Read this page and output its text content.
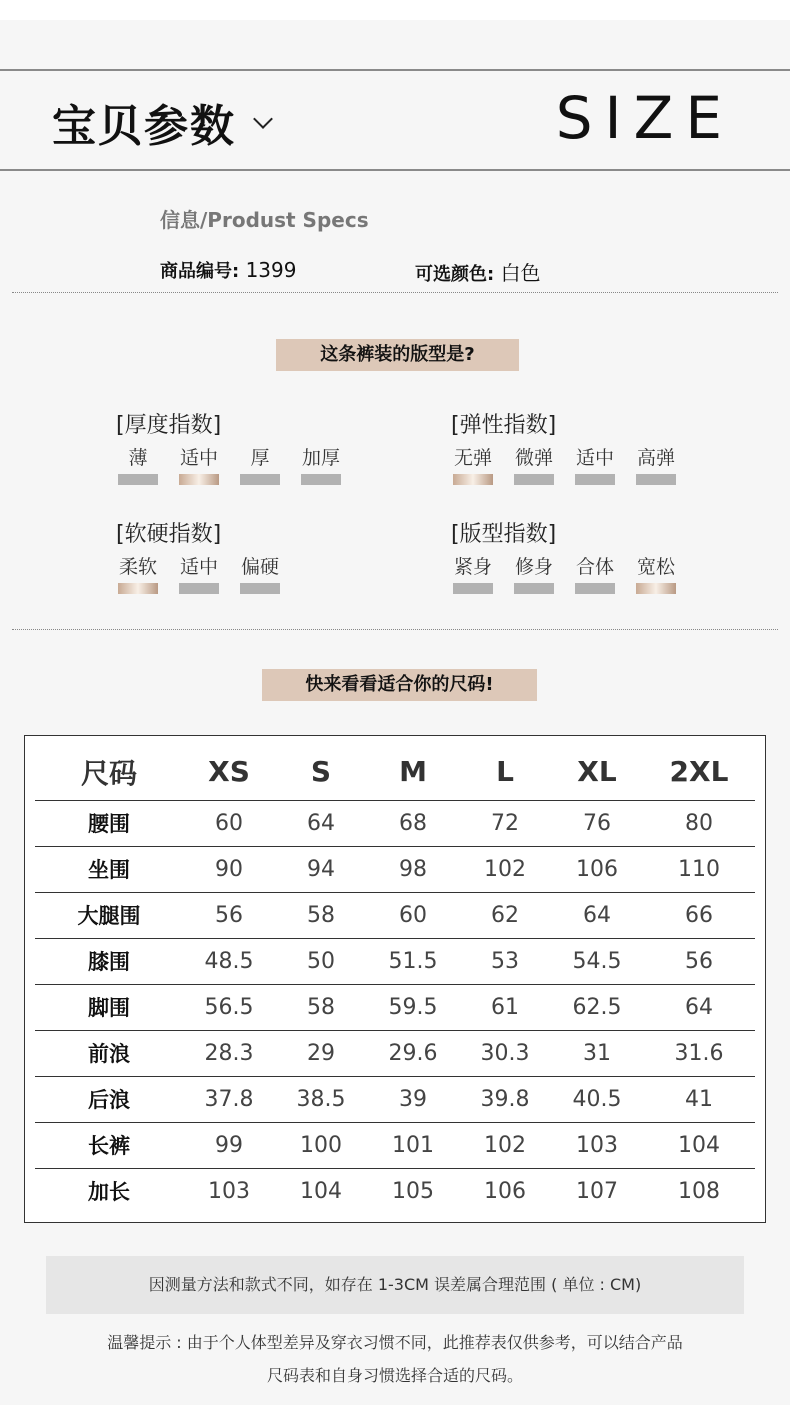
宝贝参数	SIZE
信息/Produst Specs
商品编号: 1399	可选颜色: 白色
这条裤装的版型是?
[厚度指数]
薄	适中	厚	加厚
[弹性指数]
无弹	微弹	适中	高弹
[软硬指数]
柔软	适中	偏硬
[版型指数]
紧身	修身	合体	宽松
快来看看适合你的尺码!
尺码	XS	S	M	L	XL	2XL
腰围	60	64	68	72	76	80
坐围	90	94	98	102	106	110
大腿围	56	58	60	62	64	66
膝围	48.5	50	51.5	53	54.5	56
脚围	56.5	58	59.5	61	62.5	64
前浪	28.3	29	29.6	30.3	31	31.6
后浪	37.8	38.5	39	39.8	40.5	41
长裤	99	100	101	102	103	104
加长	103	104	105	106	107	108
因测量方法和款式不同，如存在 1-3CM 误差属合理范围 ( 单位 : CM)
温馨提示 : 由于个人体型差异及穿衣习惯不同，此推荐表仅供参考，可以结合产品
尺码表和自身习惯选择合适的尺码。
